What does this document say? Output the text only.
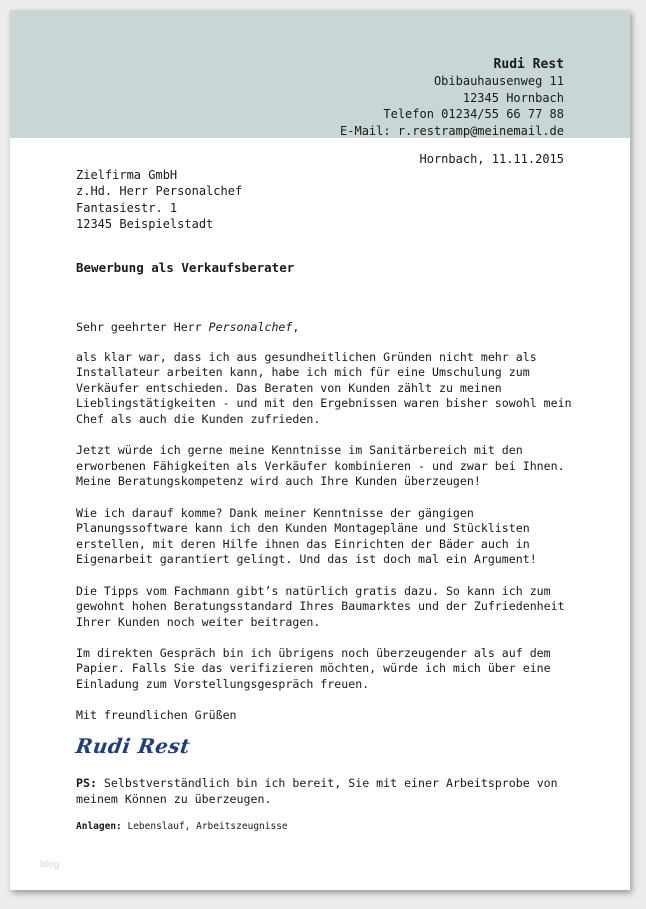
Rudi Rest
Obibauhausenweg 11
12345 Hornbach
Telefon 01234/55 66 77 88
E-Mail: r.restramp@meinemail.de
Hornbach, 11.11.2015
Zielfirma GmbH
z.Hd. Herr Personalchef
Fantasiestr. 1
12345 Beispielstadt
Bewerbung als Verkaufsberater

Sehr geehrter Herr Personalchef,

als klar war, dass ich aus gesundheitlichen Gründen nicht mehr als Installateur arbeiten kann, habe ich mich für eine Umschulung zum Verkäufer entschieden. Das Beraten von Kunden zählt zu meinen Lieblingstätigkeiten - und mit den Ergebnissen waren bisher sowohl mein Chef als auch die Kunden zufrieden.

Jetzt würde ich gerne meine Kenntnisse im Sanitärbereich mit den erworbenen Fähigkeiten als Verkäufer kombinieren - und zwar bei Ihnen. Meine Beratungskompetenz wird auch Ihre Kunden überzeugen!

Wie ich darauf komme? Dank meiner Kenntnisse der gängigen Planungssoftware kann ich den Kunden Montagepläne und Stücklisten erstellen, mit deren Hilfe ihnen das Einrichten der Bäder auch in Eigenarbeit garantiert gelingt. Und das ist doch mal ein Argument!

Die Tipps vom Fachmann gibt’s natürlich gratis dazu. So kann ich zum gewohnt hohen Beratungsstandard Ihres Baumarktes und der Zufriedenheit Ihrer Kunden noch weiter beitragen.

Im direkten Gespräch bin ich übrigens noch überzeugender als auf dem Papier. Falls Sie das verifizieren möchten, würde ich mich über eine Einladung zum Vorstellungsgespräch freuen.

Mit freundlichen Grüßen

Rudi Rest
PS: Selbstverständlich bin ich bereit, Sie mit einer Arbeitsprobe von meinem Können zu überzeugen.
Anlagen: Lebenslauf, Arbeitszeugnisse
blog
